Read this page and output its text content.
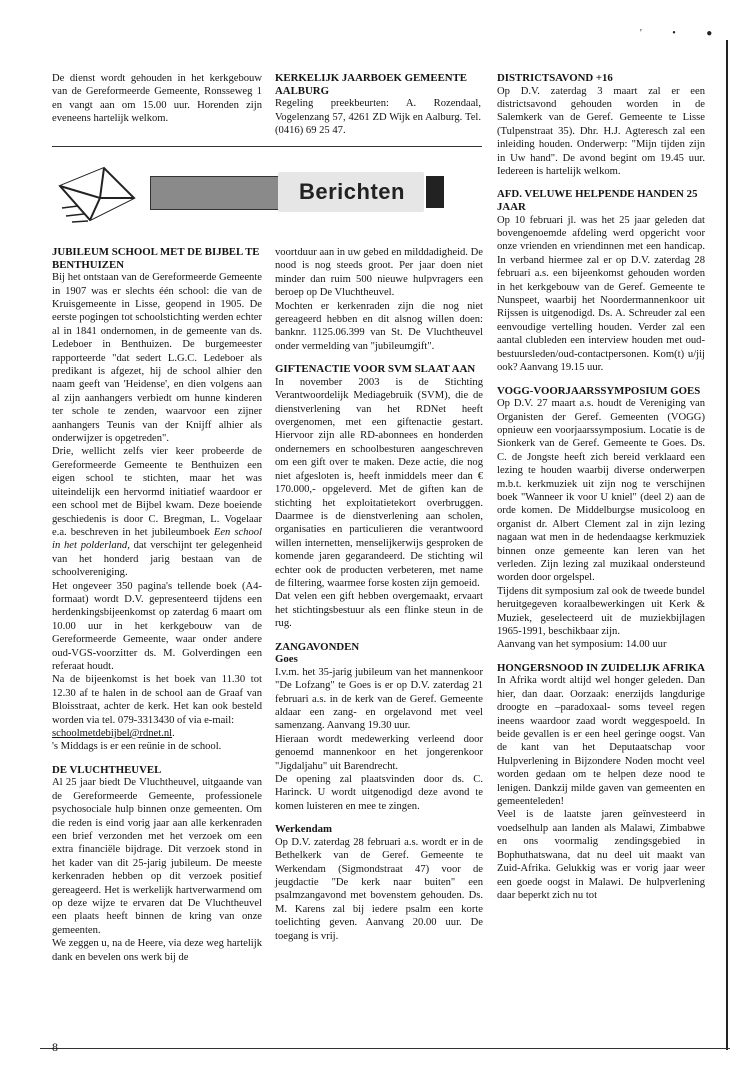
' • ●

De dienst wordt gehouden in het kerkgebouw van de Gereformeerde Gemeente, Ronsseweg 1 en vangt aan om 15.00 uur. Horenden zijn eveneens hartelijk welkom.

KERKELIJK JAARBOEK GEMEENTE AALBURG

Regeling preekbeurten: A. Rozendaal, Vogelenzang 57, 4261 ZD Wijk en Aalburg. Tel. (0416) 69 25 47.

Berichten
JUBILEUM SCHOOL MET DE BIJBEL TE BENTHUIZEN

Bij het ontstaan van de Gereformeerde Gemeente in 1907 was er slechts één school: die van de Kruisgemeente in Lisse, geopend in 1905. De eerste pogingen tot schoolstichting werden echter al in 1841 ondernomen, in de gemeente van ds. Ledeboer in Benthuizen. De burgemeester rapporteerde "dat sedert L.G.C. Ledeboer als predikant is afgezet, hij de school alhier den naam geeft van 'Heidense', en dien volgens aan al zijn aanhangers verbiedt om hunne kinderen ter schole te zenden, waarvoor een zijner aanhangers Teunis van der Knijff alhier als onderwijzer is opgetreden".

Drie, wellicht zelfs vier keer probeerde de Gereformeerde Gemeente te Benthuizen een eigen school te stichten, maar het was uiteindelijk een hervormd initiatief waardoor er een school met de Bijbel kwam. Deze boeiende geschiedenis is door C. Bregman, L. Vogelaar e.a. beschreven in het jubileumboek Een school in het polderland, dat verschijnt ter gelegenheid van het honderd jarig bestaan van de schoolvereniging.

Het ongeveer 350 pagina's tellende boek (A4-formaat) wordt D.V. gepresenteerd tijdens een herdenkingsbijeenkomst op zaterdag 6 maart om 10.00 uur in het kerkgebouw van de Gereformeerde Gemeente, waar onder andere oud-VGS-voorzitter ds. M. Golverdingen een referaat houdt.

Na de bijeenkomst is het boek van 11.30 tot 12.30 af te halen in de school aan de Graaf van Bloisstraat, achter de kerk. Het kan ook besteld worden via tel. 079-3313430 of via e-mail:

schoolmetdebijbel@rdnet.nl.

's Middags is er een reünie in de school.

DE VLUCHTHEUVEL

Al 25 jaar biedt De Vluchtheuvel, uitgaande van de Gereformeerde Gemeente, professionele psychosociale hulp binnen onze gemeenten. Om die reden is eind vorig jaar aan alle kerkenraden een brief verzonden met het verzoek om een extra financiële bijdrage. Dit verzoek stond in het kader van dit 25-jarig jubileum. De meeste kerkenraden hebben op dit verzoek positief gereageerd. Het is werkelijk hartverwarmend om op deze wijze te ervaren dat De Vluchtheuvel een plaats heeft binnen de kring van onze gemeenten.

We zeggen u, na de Heere, via deze weg hartelijk dank en bevelen ons werk bij de

voortduur aan in uw gebed en milddadigheid. De nood is nog steeds groot. Per jaar doen niet minder dan ruim 500 nieuwe hulpvragers een beroep op De Vluchtheuvel.

Mochten er kerkenraden zijn die nog niet gereageerd hebben en dit alsnog willen doen: banknr. 1125.06.399 van St. De Vluchtheuvel onder vermelding van "jubileumgift".

GIFTENACTIE VOOR SVM SLAAT AAN

In november 2003 is de Stichting Verantwoordelijk Mediagebruik (SVM), die de dienstverlening van het RDNet heeft overgenomen, met een giftenactie gestart. Hiervoor zijn alle RD-abonnees en honderden ondernemers en schoolbesturen aangeschreven om een gift over te maken. Deze actie, die nog niet afgesloten is, heeft inmiddels meer dan € 170.000,- opgeleverd. Met de giften kan de stichting het exploitatietekort overbruggen. Daarmee is de dienstverlening aan scholen, organisaties en particulieren die verantwoord willen internetten, menselijkerwijs gesproken de komende jaren gegarandeerd. De stichting wil echter ook de producten verbeteren, met name de filtering, waarmee forse kosten zijn gemoeid.

Dat velen een gift hebben overgemaakt, ervaart het stichtingsbestuur als een flinke steun in de rug.

ZANGAVONDEN
Goes

I.v.m. het 35-jarig jubileum van het mannenkoor "De Lofzang" te Goes is er op D.V. zaterdag 21 februari a.s. in de kerk van de Geref. Gemeente aldaar een zang- en orgelavond met veel samenzang. Aanvang 19.30 uur.

Hieraan wordt medewerking verleend door genoemd mannenkoor en het jongerenkoor "Jigdaljahu" uit Barendrecht.

De opening zal plaatsvinden door ds. C. Harinck. U wordt uitgenodigd deze avond te komen luisteren en mee te zingen.

Werkendam

Op D.V. zaterdag 28 februari a.s. wordt er in de Bethelkerk van de Geref. Gemeente te Werkendam (Sigmondstraat 47) voor de jeugdactie "De kerk naar buiten" een psalmzangavond met bovenstem gehouden. Ds. M. Karens zal bij iedere psalm een korte toelichting geven. Aanvang 20.00 uur. De toegang is vrij.

DISTRICTSAVOND +16

Op D.V. zaterdag 3 maart zal er een districtsavond gehouden worden in de Salemkerk van de Geref. Gemeente te Lisse (Tulpenstraat 35). Dhr. H.J. Agteresch zal een inleiding houden. Onderwerp: "Mijn tijden zijn in Uw hand". De avond begint om 19.45 uur. Iedereen is hartelijk welkom.

AFD. VELUWE HELPENDE HANDEN 25 JAAR

Op 10 februari jl. was het 25 jaar geleden dat bovengenoemde afdeling werd opgericht voor onze vrienden en vriendinnen met een handicap. In verband hiermee zal er op D.V. zaterdag 28 februari a.s. een bijeenkomst gehouden worden in het kerkgebouw van de Geref. Gemeente te Nunspeet, waarbij het Noordermannenkoor uit Rijssen is uitgenodigd. Ds. A. Schreuder zal een eenvoudige vertelling houden. Verder zal een aantal clubleden een interview houden met oud-bestuursleden/oud-contactpersonen. Kom(t) u/jij ook? Aanvang 19.15 uur.

VOGG-VOORJAARSSYMPOSIUM GOES

Op D.V. 27 maart a.s. houdt de Vereniging van Organisten der Geref. Gemeenten (VOGG) opnieuw een voorjaarssymposium. Locatie is de Sionkerk van de Geref. Gemeente te Goes. Ds. C. de Jongste heeft zich bereid verklaard een lezing te houden waarbij diverse onderwerpen m.b.t. kerkmuziek uit zijn nog te verschijnen boek "Wanneer ik voor U kniel" (deel 2) aan de orde komen. De Middelburgse musicoloog en organist dr. Albert Clement zal in zijn lezing nagaan wat men in de hedendaagse kerkmuziek binnen onze gemeente kan leren van het verleden. Zijn lezing zal muzikaal ondersteund worden door orgelspel.

Tijdens dit symposium zal ook de tweede bundel heruitgegeven koraalbewerkingen uit Kerk & Muziek, geselecteerd uit de muziekbijlagen 1965-1991, beschikbaar zijn.

Aanvang van het symposium: 14.00 uur

HONGERSNOOD IN ZUIDELIJK AFRIKA

In Afrika wordt altijd wel honger geleden. Dan hier, dan daar. Oorzaak: enerzijds langdurige droogte en –paradoxaal- soms teveel regen ineens waardoor zaad wordt weggespoeld. In beide gevallen is er een heel geringe oogst. Van de kant van het Deputaatschap voor Hulpverlening in Bijzondere Noden mocht veel worden gedaan om te helpen deze nood te lenigen. Dankzij milde gaven van gemeenten en gemeenteleden!

Veel is de laatste jaren geïnvesteerd in voedselhulp aan landen als Malawi, Zimbabwe en ons voormalig zendingsgebied in Bophuthatswana, dat nu deel uit maakt van Zuid-Afrika. Gelukkig was er vorig jaar weer een goede oogst in Malawi. De hulpverlening daar beperkt zich nu tot

8
